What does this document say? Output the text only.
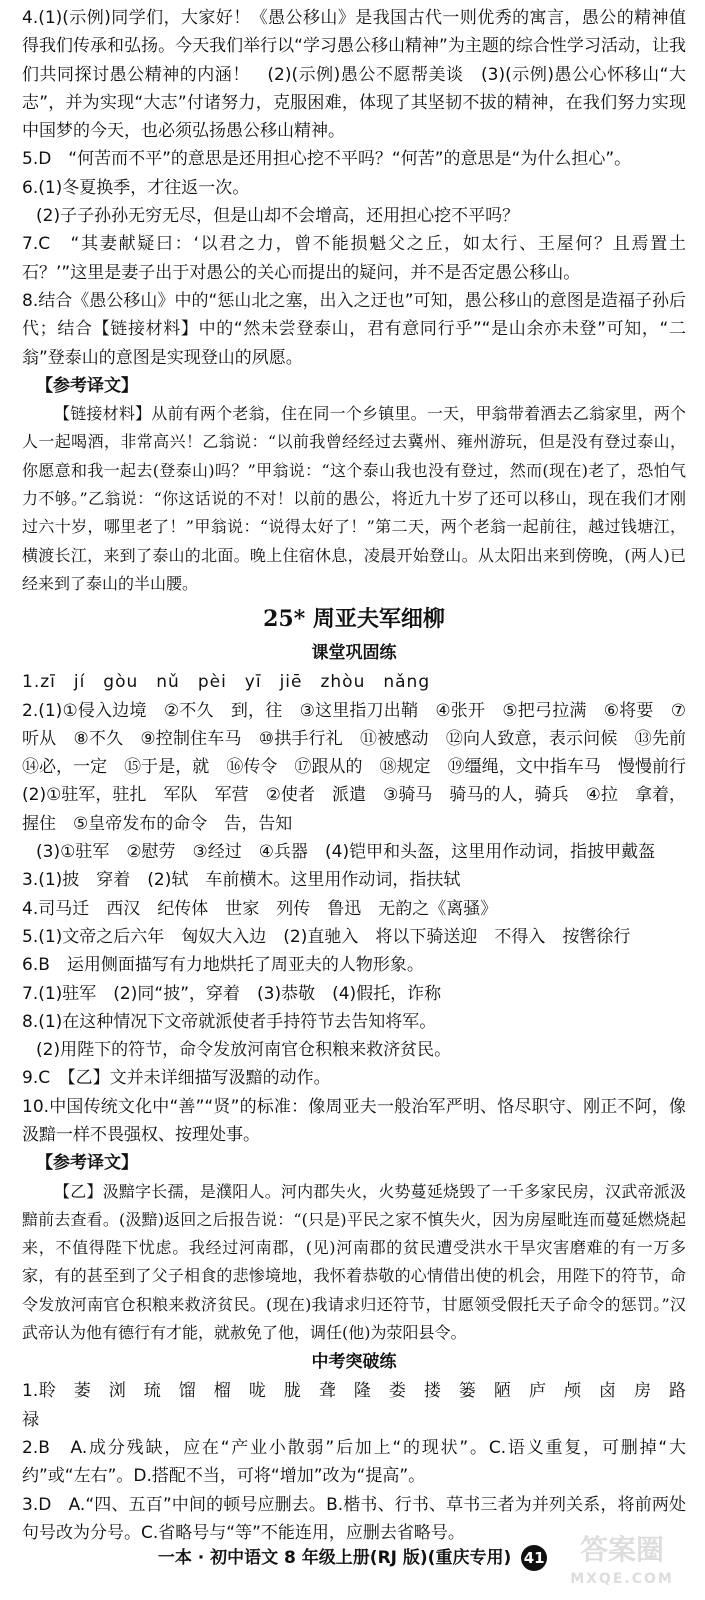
4.(1)(示例)同学们，大家好！《愚公移山》是我国古代一则优秀的寓言，愚公的精神值得我们传承和弘扬。今天我们举行以“学习愚公移山精神”为主题的综合性学习活动，让我们共同探讨愚公精神的内涵！　(2)(示例)愚公不愿帮美谈　(3)(示例)愚公心怀移山“大志”，并为实现“大志”付诸努力，克服困难，体现了其坚韧不拔的精神，在我们努力实现中国梦的今天，也必须弘扬愚公移山精神。

5.D　“何苦而不平”的意思是还用担心挖不平吗？“何苦”的意思是“为什么担心”。

6.(1)冬夏换季，才往返一次。

(2)子子孙孙无穷无尽，但是山却不会增高，还用担心挖不平吗？

7.C　“其妻献疑曰：‘以君之力，曾不能损魁父之丘，如太行、王屋何？且焉置土石？’”这里是妻子出于对愚公的关心而提出的疑问，并不是否定愚公移山。

8.结合《愚公移山》中的“惩山北之塞，出入之迂也”可知，愚公移山的意图是造福子孙后代；结合【链接材料】中的“然未尝登泰山，君有意同行乎”“是山余亦未登”可知，“二翁”登泰山的意图是实现登山的夙愿。

【参考译文】

【链接材料】从前有两个老翁，住在同一个乡镇里。一天，甲翁带着酒去乙翁家里，两个人一起喝酒，非常高兴！乙翁说：“以前我曾经经过去冀州、雍州游玩，但是没有登过泰山，你愿意和我一起去(登泰山)吗？”甲翁说：“这个泰山我也没有登过，然而(现在)老了，恐怕气力不够。”乙翁说：“你这话说的不对！以前的愚公，将近九十岁了还可以移山，现在我们才刚过六十岁，哪里老了！”甲翁说：“说得太好了！”第二天，两个老翁一起前往，越过钱塘江，横渡长江，来到了泰山的北面。晚上住宿休息，凌晨开始登山。从太阳出来到傍晚，(两人)已经来到了泰山的半山腰。

25* 周亚夫军细柳
课堂巩固练

1.zī　jí　gòu　nǔ　pèi　yī　jiē　zhòu　nǎng

2.(1)①侵入边境　②不久　到，往　③这里指刀出鞘　④张开　⑤把弓拉满　⑥将要　⑦听从　⑧不久　⑨控制住车马　⑩拱手行礼　⑪被感动　⑫向人致意，表示问候　⑬先前　⑭必，一定　⑮于是，就　⑯传令　⑰跟从的　⑱规定　⑲缰绳，文中指车马　慢慢前行　(2)①驻军，驻扎　军队　军营　②使者　派遣　③骑马　骑马的人，骑兵　④拉　拿着，握住　⑤皇帝发布的命令　告，告知

(3)①驻军　②慰劳　③经过　④兵器　(4)铠甲和头盔，这里用作动词，指披甲戴盔

3.(1)披　穿着　(2)轼　车前横木。这里用作动词，指扶轼

4.司马迁　西汉　纪传体　世家　列传　鲁迅　无韵之《离骚》

5.(1)文帝之后六年　匈奴大入边　(2)直驰入　将以下骑送迎　不得入　按辔徐行

6.B　运用侧面描写有力地烘托了周亚夫的人物形象。

7.(1)驻军　(2)同“披”，穿着　(3)恭敬　(4)假托，诈称

8.(1)在这种情况下文帝就派使者手持符节去告知将军。

(2)用陛下的符节，命令发放河南官仓积粮来救济贫民。

9.C　【乙】文并未详细描写汲黯的动作。

10.中国传统文化中“善”“贤”的标准：像周亚夫一般治军严明、恪尽职守、刚正不阿，像汲黯一样不畏强权、按理处事。

【参考译文】

【乙】汲黯字长孺，是濮阳人。河内郡失火，火势蔓延烧毁了一千多家民房，汉武帝派汲黯前去查看。(汲黯)返回之后报告说：“(只是)平民之家不慎失火，因为房屋毗连而蔓延燃烧起来，不值得陛下忧虑。我经过河南郡，(见)河南郡的贫民遭受洪水干旱灾害磨难的有一万多家，有的甚至到了父子相食的悲惨境地，我怀着恭敬的心情借出使的机会，用陛下的符节，命令发放河南官仓积粮来救济贫民。(现在)我请求归还符节，甘愿领受假托天子命令的惩罚。”汉武帝认为他有德行有才能，就赦免了他，调任(他)为荥阳县令。

中考突破练

1.聆　萎　浏　琉　馏　榴　咙　胧　聋　隆　娄　搂　篓　陋　庐　颅　卤　房　路　禄

2.B　A.成分残缺，应在“产业小散弱”后加上“的现状”。C.语义重复，可删掉“大约”或“左右”。D.搭配不当，可将“增加”改为“提高”。

3.D　A.“四、五百”中间的顿号应删去。B.楷书、行书、草书三者为并列关系，将前两处句号改为分号。C.省略号与“等”不能连用，应删去省略号。

一本 · 初中语文 8 年级上册(RJ 版)(重庆专用) 41	答案圈
MXQE.COM
